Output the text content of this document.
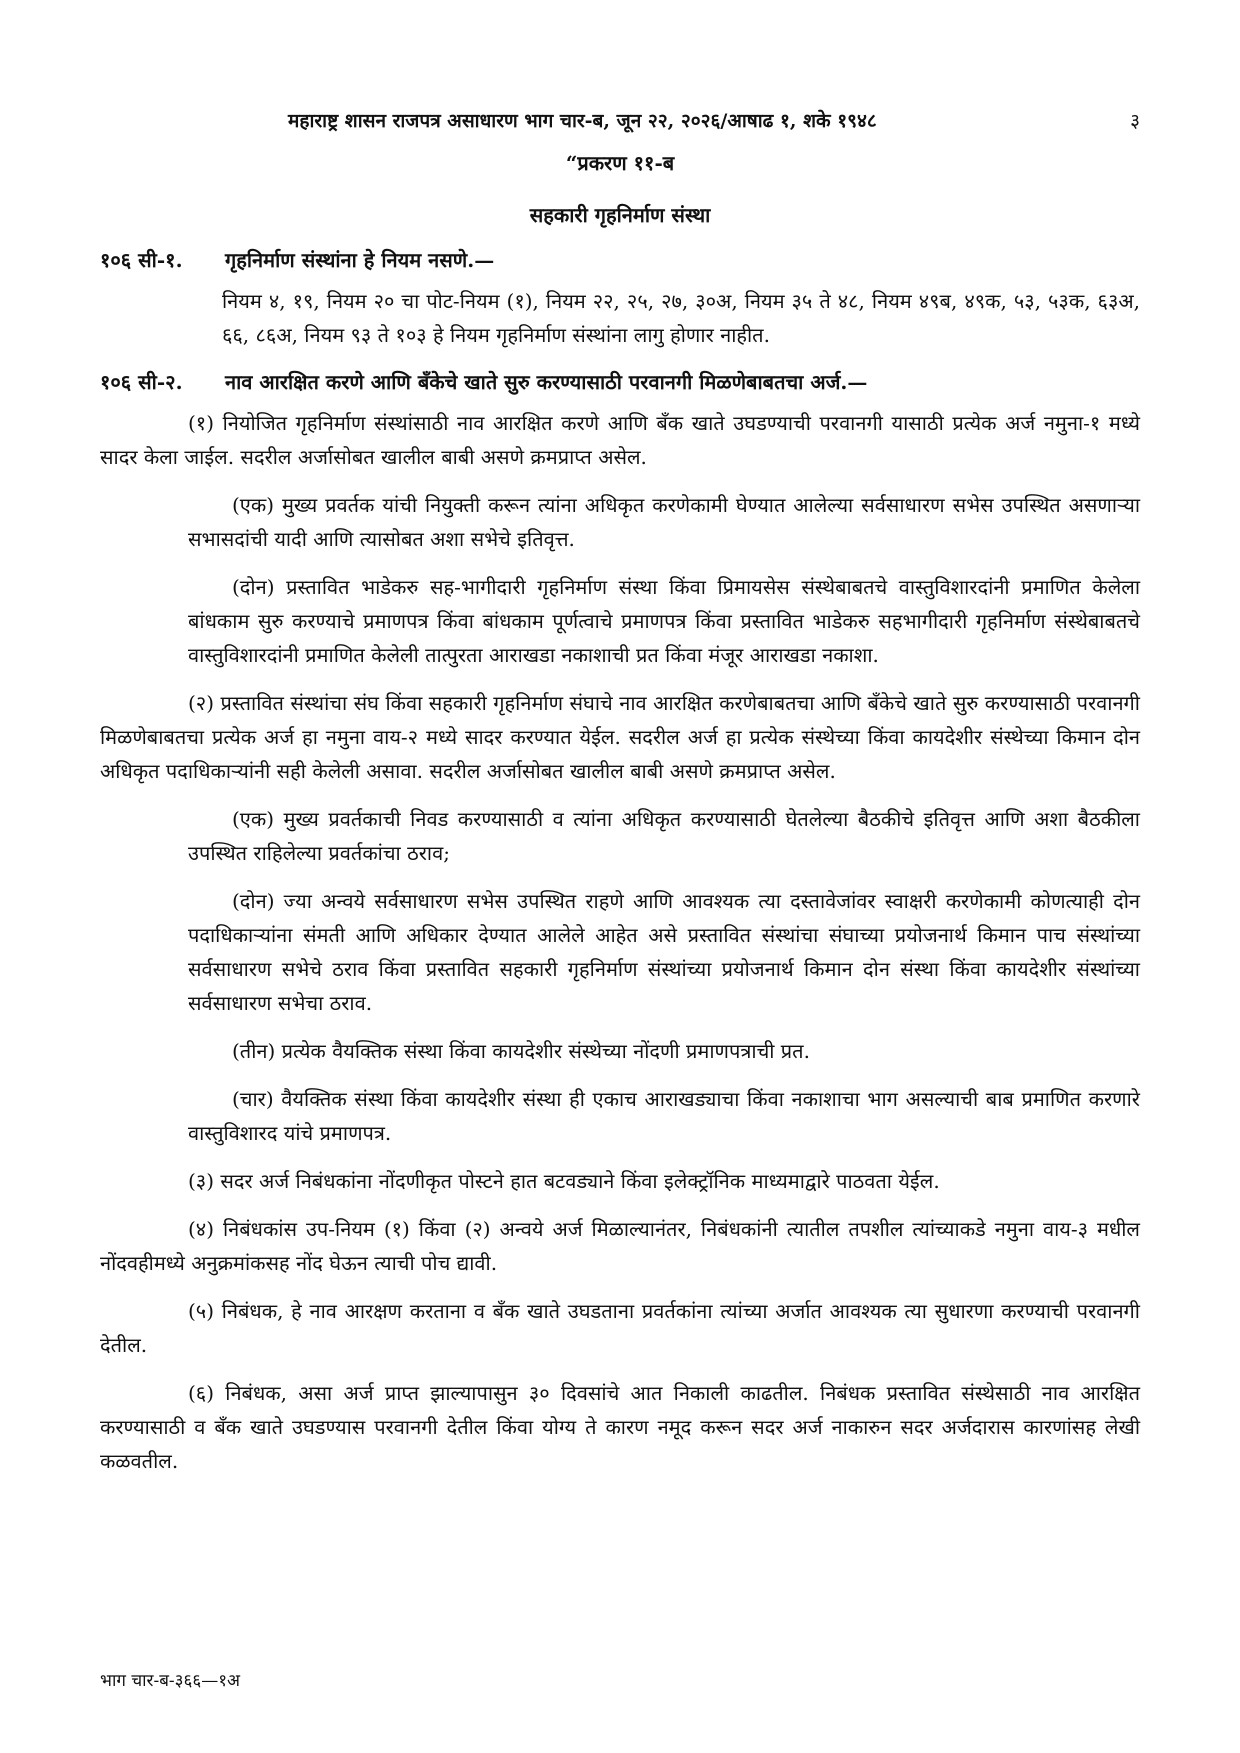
महाराष्ट्र शासन राजपत्र असाधारण भाग चार-ब, जून २२, २०२६/आषाढ १, शके १९४८	३
“प्रकरण ११-ब
सहकारी गृहनिर्माण संस्था
१०६ सी-१. गृहनिर्माण संस्थांना हे नियम नसणे.—
नियम ४, १९, नियम २० चा पोट-नियम (१), नियम २२, २५, २७, ३०अ, नियम ३५ ते ४८, नियम ४९ब, ४९क, ५३, ५३क, ६३अ, ६६, ८६अ, नियम ९३ ते १०३ हे नियम गृहनिर्माण संस्थांना लागु होणार नाहीत.
१०६ सी-२. नाव आरक्षित करणे आणि बँकेचे खाते सुरु करण्यासाठी परवानगी मिळणेबाबतचा अर्ज.—

(१) नियोजित गृहनिर्माण संस्थांसाठी नाव आरक्षित करणे आणि बँक खाते उघडण्याची परवानगी यासाठी प्रत्येक अर्ज नमुना-१ मध्ये सादर केला जाईल. सदरील अर्जासोबत खालील बाबी असणे क्रमप्राप्त असेल.

(एक) मुख्य प्रवर्तक यांची नियुक्ती करून त्यांना अधिकृत करणेकामी घेण्यात आलेल्या सर्वसाधारण सभेस उपस्थित असणाऱ्या सभासदांची यादी आणि त्यासोबत अशा सभेचे इतिवृत्त.

(दोन) प्रस्तावित भाडेकरु सह-भागीदारी गृहनिर्माण संस्था किंवा प्रिमायसेस संस्थेबाबतचे वास्तुविशारदांनी प्रमाणित केलेला बांधकाम सुरु करण्याचे प्रमाणपत्र किंवा बांधकाम पूर्णत्वाचे प्रमाणपत्र किंवा प्रस्तावित भाडेकरु सहभागीदारी गृहनिर्माण संस्थेबाबतचे वास्तुविशारदांनी प्रमाणित केलेली तात्पुरता आराखडा नकाशाची प्रत किंवा मंजूर आराखडा नकाशा.

(२) प्रस्तावित संस्थांचा संघ किंवा सहकारी गृहनिर्माण संघाचे नाव आरक्षित करणेबाबतचा आणि बँकेचे खाते सुरु करण्यासाठी परवानगी मिळणेबाबतचा प्रत्येक अर्ज हा नमुना वाय-२ मध्ये सादर करण्यात येईल. सदरील अर्ज हा प्रत्येक संस्थेच्या किंवा कायदेशीर संस्थेच्या किमान दोन अधिकृत पदाधिकाऱ्यांनी सही केलेली असावा. सदरील अर्जासोबत खालील बाबी असणे क्रमप्राप्त असेल.

(एक) मुख्य प्रवर्तकाची निवड करण्यासाठी व त्यांना अधिकृत करण्यासाठी घेतलेल्या बैठकीचे इतिवृत्त आणि अशा बैठकीला उपस्थित राहिलेल्या प्रवर्तकांचा ठराव;

(दोन) ज्या अन्वये सर्वसाधारण सभेस उपस्थित राहणे आणि आवश्यक त्या दस्तावेजांवर स्वाक्षरी करणेकामी कोणत्याही दोन पदाधिकाऱ्यांना संमती आणि अधिकार देण्यात आलेले आहेत असे प्रस्तावित संस्थांचा संघाच्या प्रयोजनार्थ किमान पाच संस्थांच्या सर्वसाधारण सभेचे ठराव किंवा प्रस्तावित सहकारी गृहनिर्माण संस्थांच्या प्रयोजनार्थ किमान दोन संस्था किंवा कायदेशीर संस्थांच्या सर्वसाधारण सभेचा ठराव.

(तीन) प्रत्येक वैयक्तिक संस्था किंवा कायदेशीर संस्थेच्या नोंदणी प्रमाणपत्राची प्रत.

(चार) वैयक्तिक संस्था किंवा कायदेशीर संस्था ही एकाच आराखड्याचा किंवा नकाशाचा भाग असल्याची बाब प्रमाणित करणारे वास्तुविशारद यांचे प्रमाणपत्र.

(३) सदर अर्ज निबंधकांना नोंदणीकृत पोस्टने हात बटवड्याने किंवा इलेक्ट्रॉनिक माध्यमाद्वारे पाठवता येईल.

(४) निबंधकांस उप-नियम (१) किंवा (२) अन्वये अर्ज मिळाल्यानंतर, निबंधकांनी त्यातील तपशील त्यांच्याकडे नमुना वाय-३ मधील नोंदवहीमध्ये अनुक्रमांकसह नोंद घेऊन त्याची पोच द्यावी.

(५) निबंधक, हे नाव आरक्षण करताना व बँक खाते उघडताना प्रवर्तकांना त्यांच्या अर्जात आवश्यक त्या सुधारणा करण्याची परवानगी देतील.

(६) निबंधक, असा अर्ज प्राप्त झाल्यापासुन ३० दिवसांचे आत निकाली काढतील. निबंधक प्रस्तावित संस्थेसाठी नाव आरक्षित करण्यासाठी व बँक खाते उघडण्यास परवानगी देतील किंवा योग्य ते कारण नमूद करून सदर अर्ज नाकारुन सदर अर्जदारास कारणांसह लेखी कळवतील.

भाग चार-ब-३६६—१अ
